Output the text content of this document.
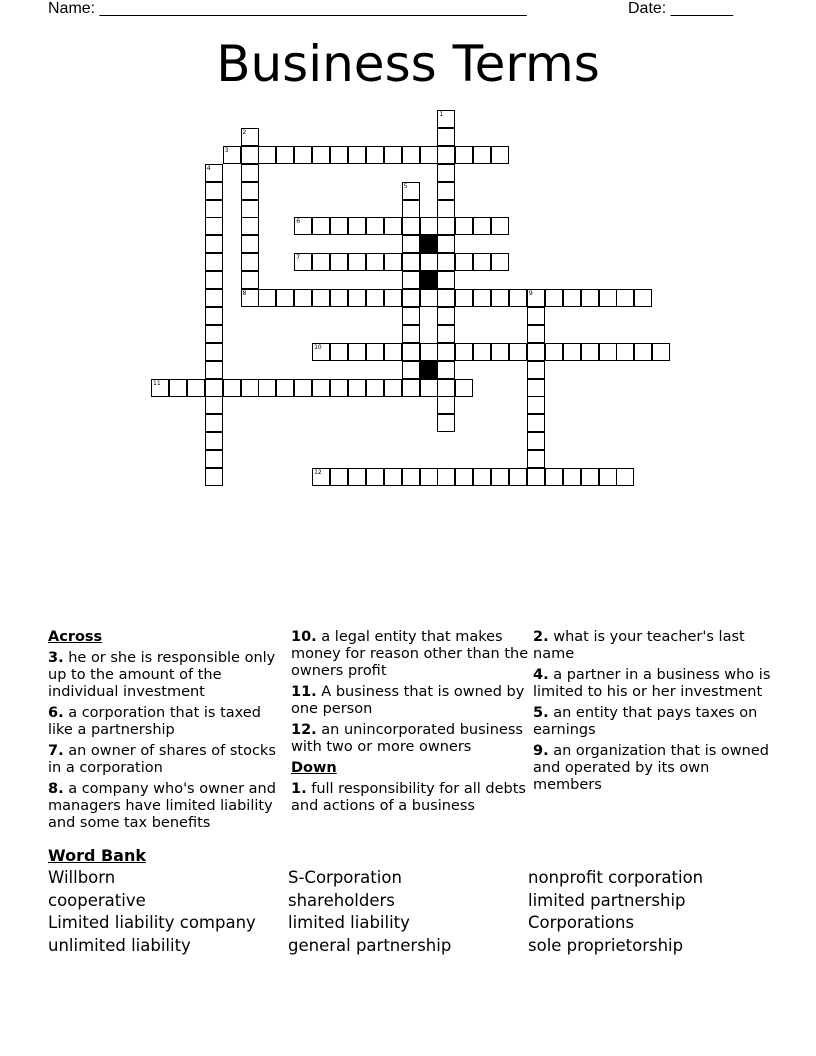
Name: ________________________________________________	Date: _______
Business Terms
1
2
3
4
5
6
7
8	9
10
11
12
Across
3. he or she is responsible only up to the amount of the individual investment
6. a corporation that is taxed like a partnership
7. an owner of shares of stocks in a corporation
8. a company who's owner and managers have limited liability and some tax benefits
10. a legal entity that makes money for reason other than the owners profit
11. A business that is owned by one person
12. an unincorporated business with two or more owners
Down
1. full responsibility for all debts and actions of a business
2. what is your teacher's last name
4. a partner in a business who is limited to his or her investment
5. an entity that pays taxes on earnings
9. an organization that is owned and operated by its own members
Word Bank
Willborn
cooperative
Limited liability company
unlimited liability
S-Corporation
shareholders
limited liability
general partnership
nonprofit corporation
limited partnership
Corporations
sole proprietorship
